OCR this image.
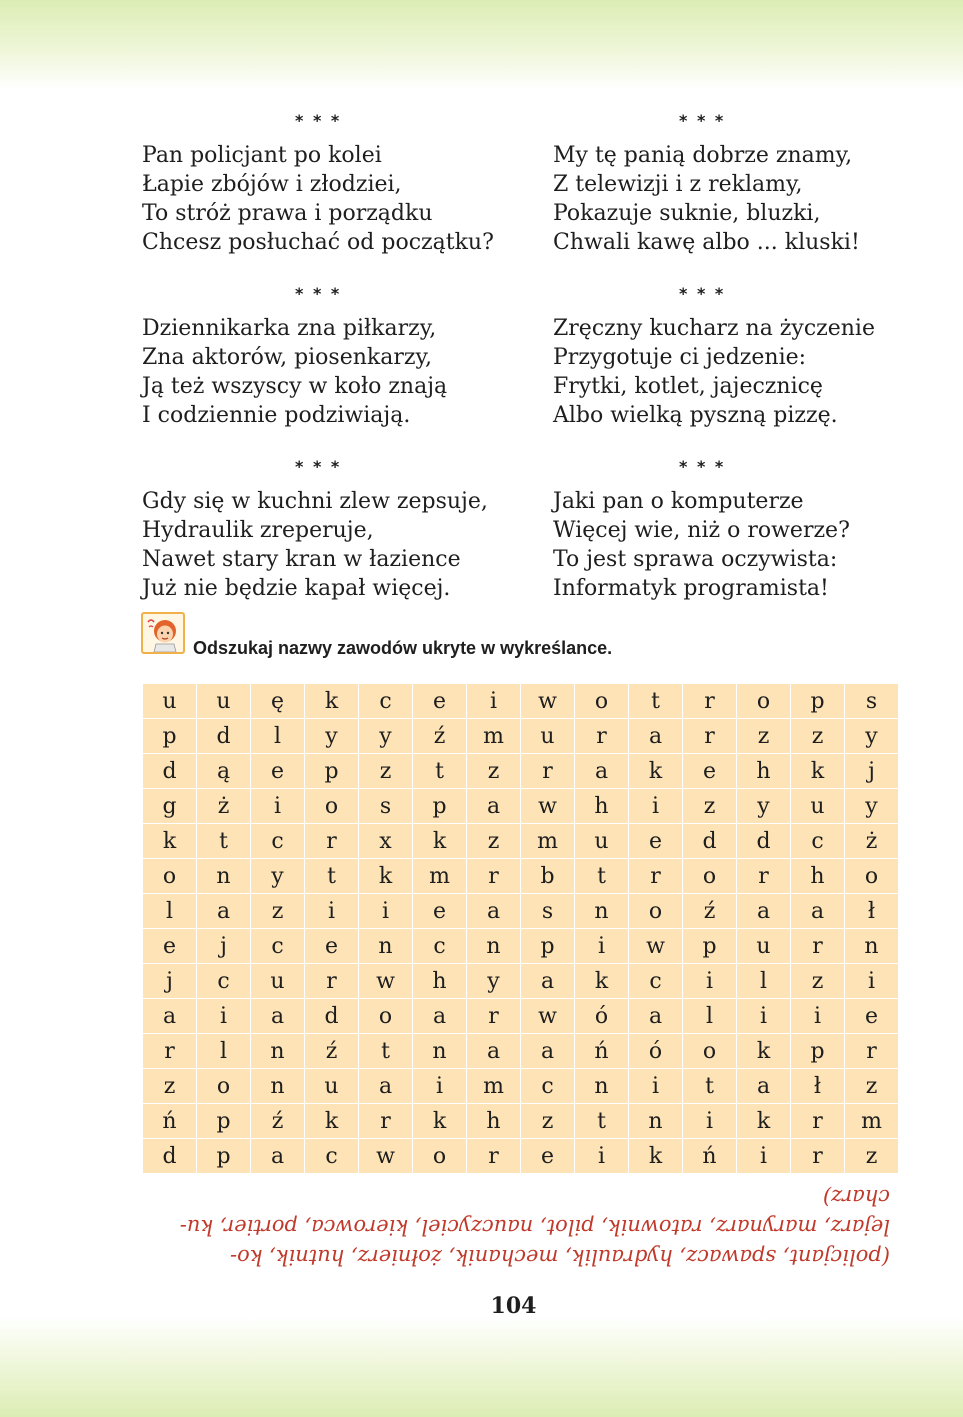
* * *
Pan policjant po kolei
Łapie zbójów i złodziei,
To stróż prawa i porządku
Chcesz posłuchać od początku?
* * *
My tę panią dobrze znamy,
Z telewizji i z reklamy,
Pokazuje suknie, bluzki,
Chwali kawę albo ... kluski!
* * *
Dziennikarka zna piłkarzy,
Zna aktorów, piosenkarzy,
Ją też wszyscy w koło znają
I codziennie podziwiają.
* * *
Zręczny kucharz na życzenie
Przygotuje ci jedzenie:
Frytki, kotlet, jajecznicę
Albo wielką pyszną pizzę.
* * *
Gdy się w kuchni zlew zepsuje,
Hydraulik zreperuje,
Nawet stary kran w łazience
Już nie będzie kapał więcej.
* * *
Jaki pan o komputerze
Więcej wie, niż o rowerze?
To jest sprawa oczywista:
Informatyk programista!
Odszukaj nazwy zawodów ukryte w wykreślance.
u	u	ę	k	c	e	i	w	o	t	r	o	p	s
p	d	l	y	y	ź	m	u	r	a	r	z	z	y
d	ą	e	p	z	t	z	r	a	k	e	h	k	j
g	ż	i	o	s	p	a	w	h	i	z	y	u	y
k	t	c	r	x	k	z	m	u	e	d	d	c	ż
o	n	y	t	k	m	r	b	t	r	o	r	h	o
l	a	z	i	i	e	a	s	n	o	ź	a	a	ł
e	j	c	e	n	c	n	p	i	w	p	u	r	n
j	c	u	r	w	h	y	a	k	c	i	l	z	i
a	i	a	d	o	a	r	w	ó	a	l	i	i	e
r	l	n	ź	t	n	a	a	ń	ó	o	k	p	r
z	o	n	u	a	i	m	c	n	i	t	a	ł	z
ń	p	ź	k	r	k	h	z	t	n	i	k	r	m
d	p	a	c	w	o	r	e	i	k	ń	i	r	z
(policjant, spawacz, hydraulik, mechanik, żołnierz, hutnik, ko-
lejarz, marynarz, ratownik, pilot, nauczyciel, kierowca, portier, ku-
charz)
104
